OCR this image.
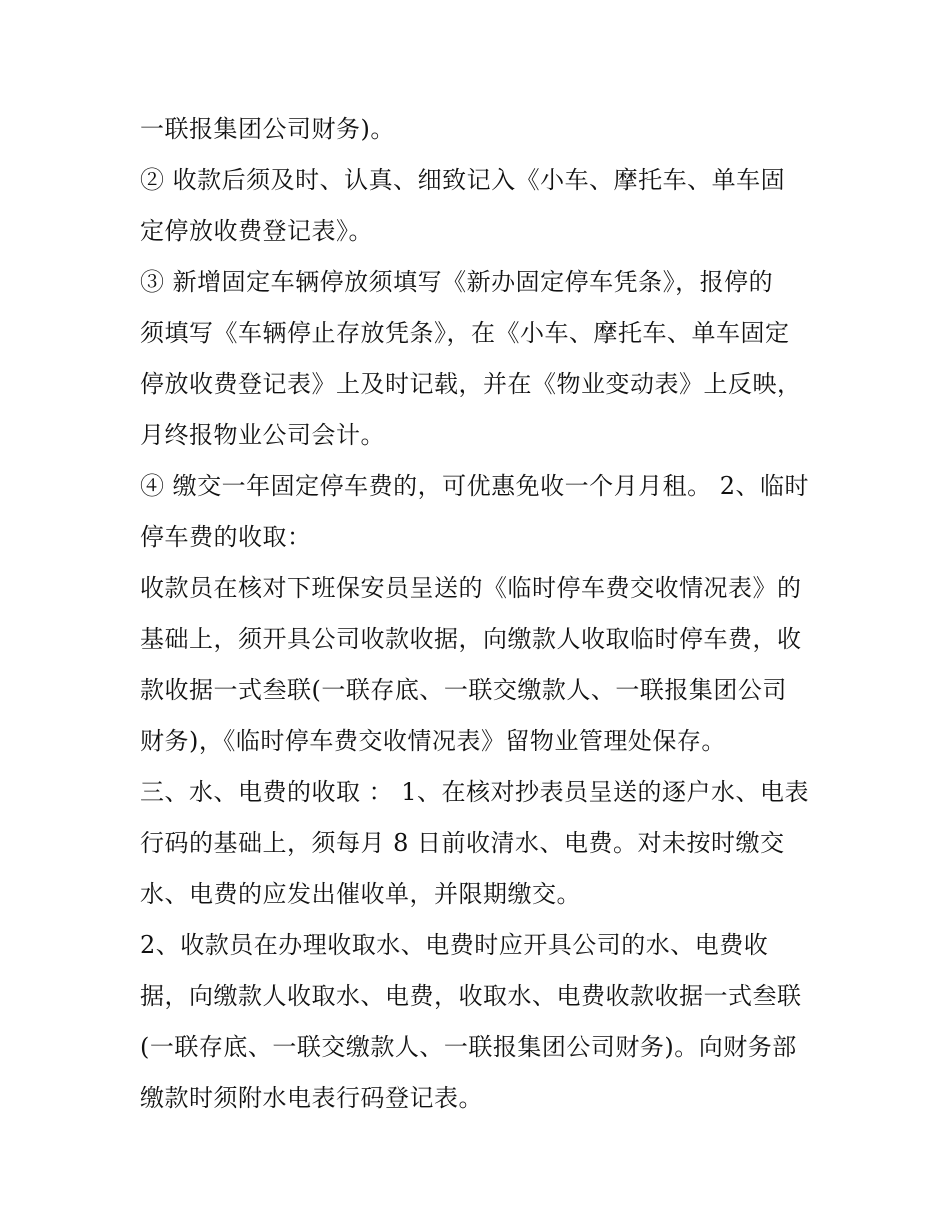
一联报集团公司财务)。
② 收款后须及时、认真、细致记入《小车、摩托车、单车固
定停放收费登记表》。
③ 新增固定车辆停放须填写《新办固定停车凭条》，报停的
须填写《车辆停止存放凭条》，在《小车、摩托车、单车固定
停放收费登记表》上及时记载，并在《物业变动表》上反映，
月终报物业公司会计。
④ 缴交一年固定停车费的，可优惠免收一个月月租。 2、临时
停车费的收取：
收款员在核对下班保安员呈送的《临时停车费交收情况表》的
基础上，须开具公司收款收据，向缴款人收取临时停车费，收
款收据一式叁联(一联存底、一联交缴款人、一联报集团公司
财务)，《临时停车费交收情况表》留物业管理处保存。
三、水、电费的收取 ： 1、在核对抄表员呈送的逐户水、电表
行码的基础上，须每月 8 日前收清水、电费。对未按时缴交
水、电费的应发出催收单，并限期缴交。
2、收款员在办理收取水、电费时应开具公司的水、电费收
据，向缴款人收取水、电费，收取水、电费收款收据一式叁联
(一联存底、一联交缴款人、一联报集团公司财务)。向财务部
缴款时须附水电表行码登记表。
